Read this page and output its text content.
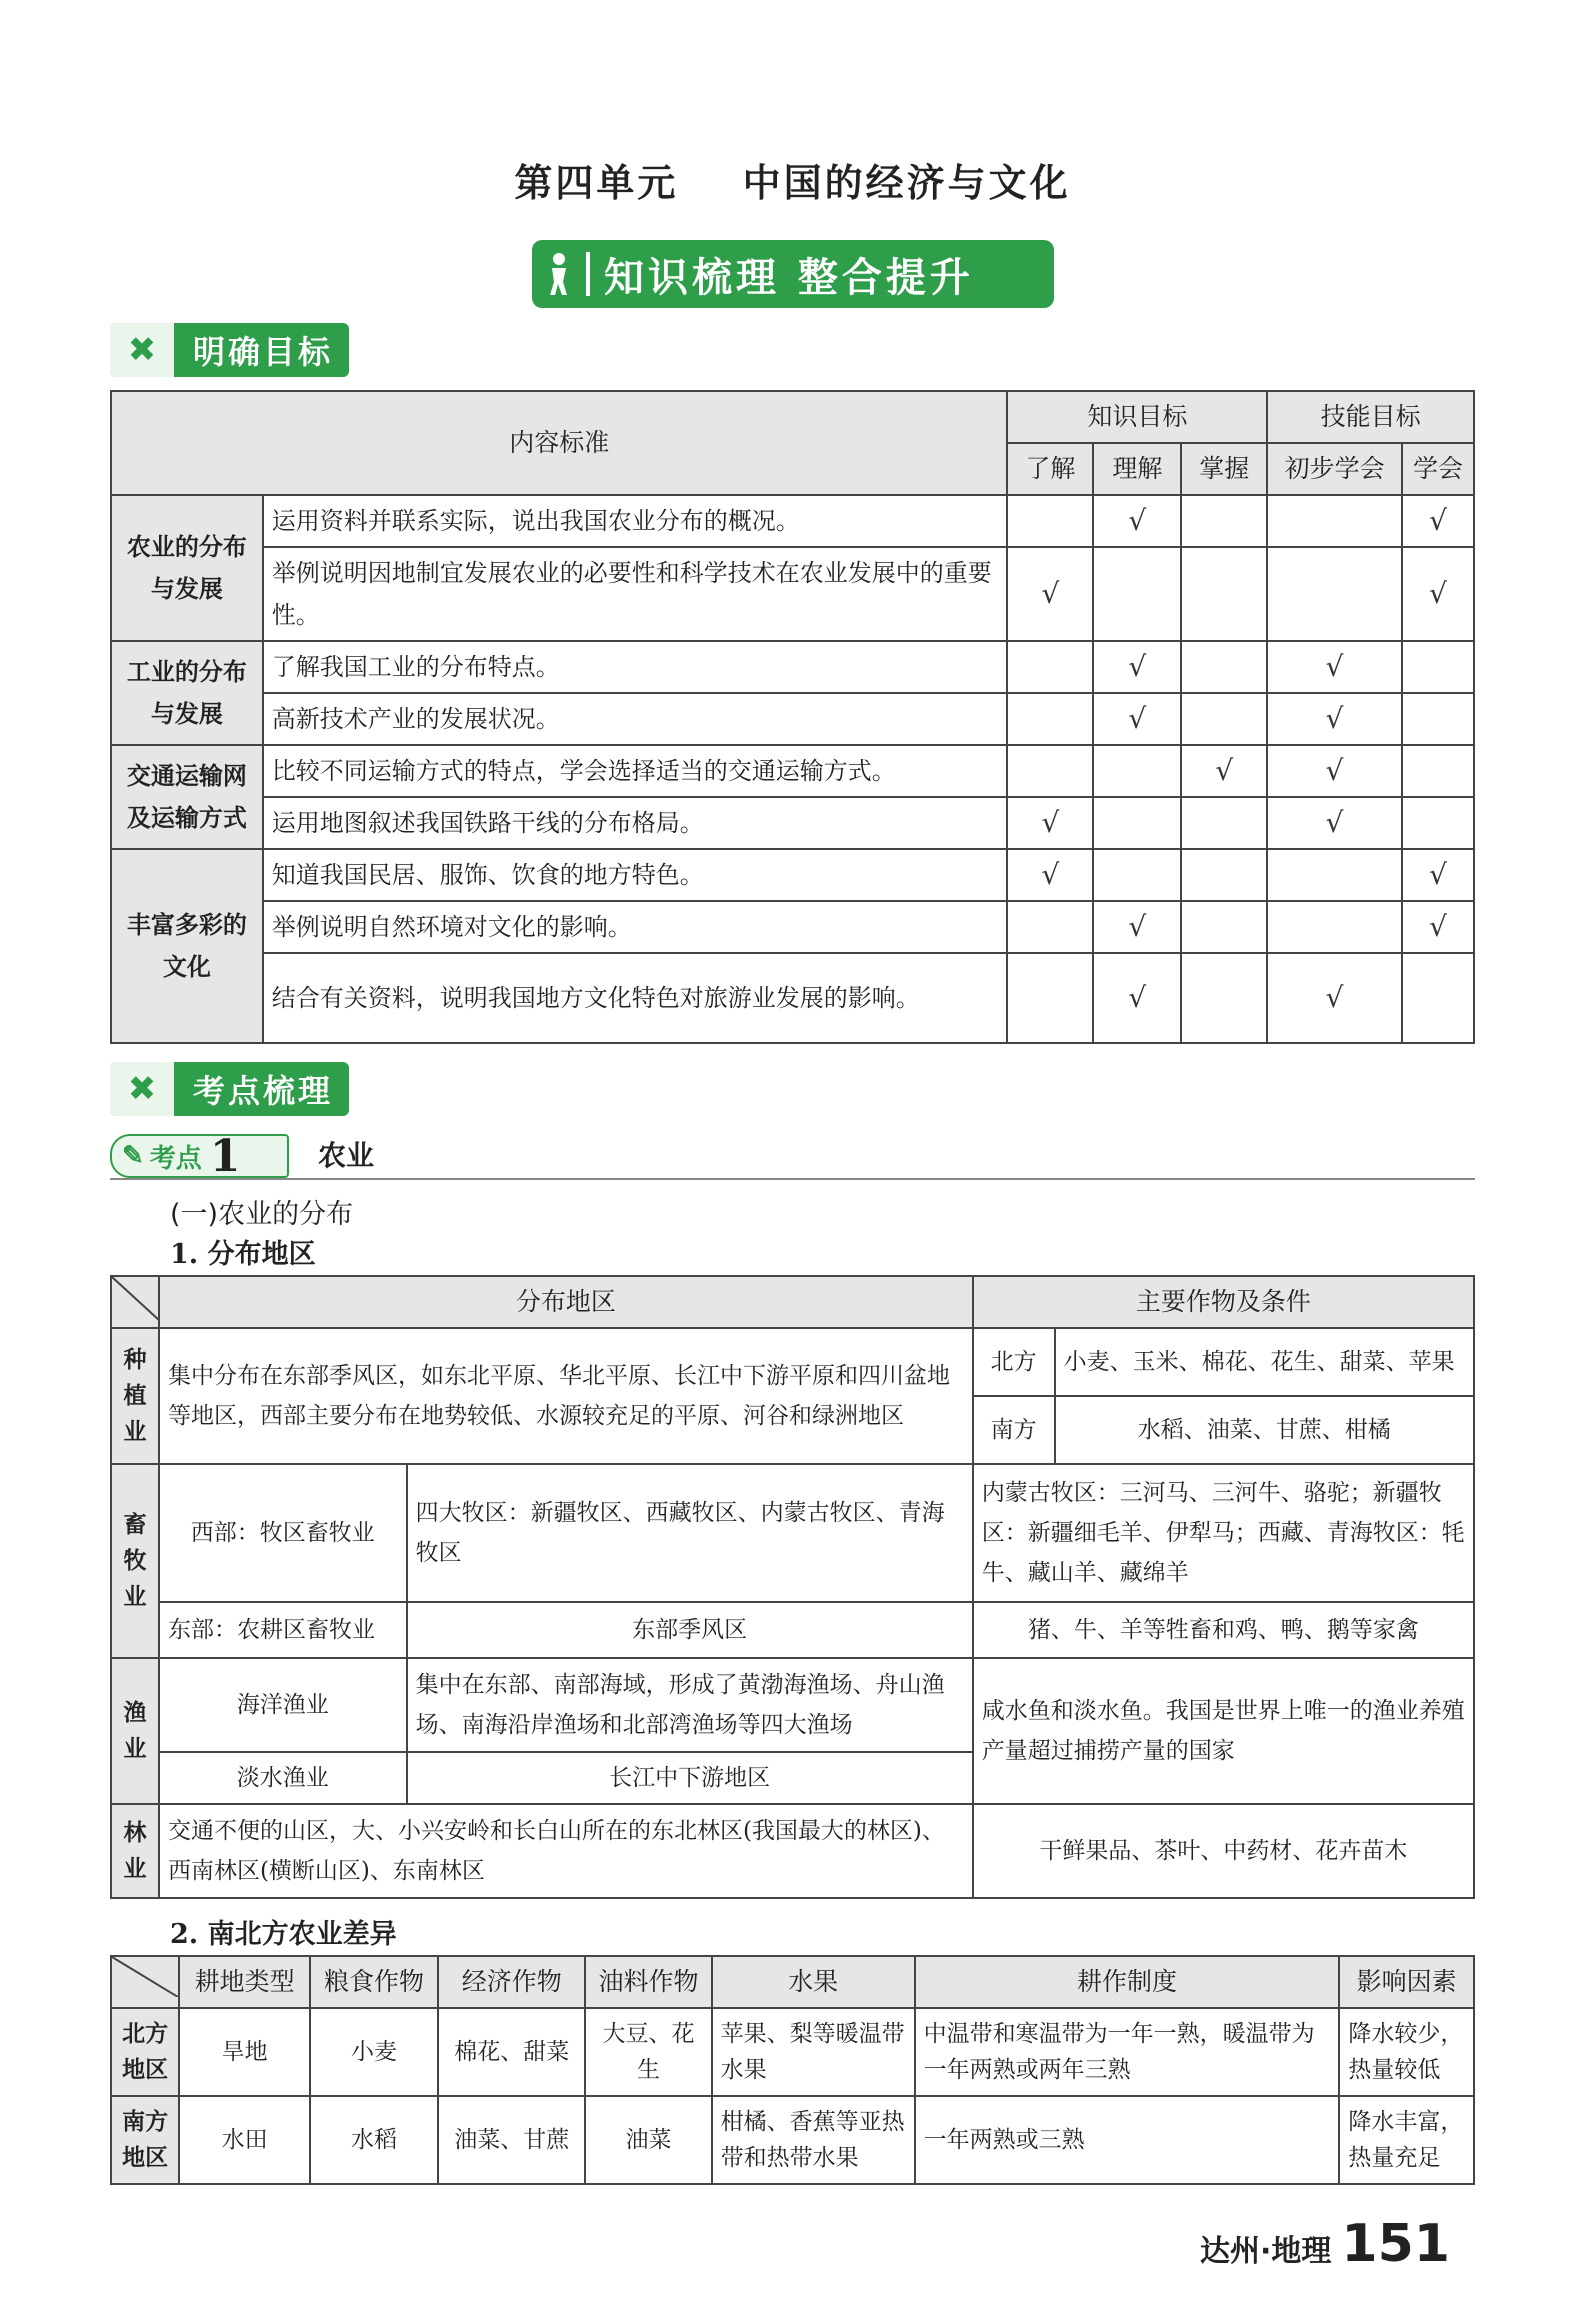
第四单元 中国的经济与文化
知识梳理 整合提升
✖	明确目标
内容标准		知识目标			技能目标	
		了解	理解	掌握	初步学会	学会
农业的分布与发展	运用资料并联系实际，说出我国农业分布的概况。		√			√
	举例说明因地制宜发展农业的必要性和科学技术在农业发展中的重要性。	√				√
工业的分布与发展	了解我国工业的分布特点。		√		√	
	高新技术产业的发展状况。		√		√	
交通运输网及运输方式	比较不同运输方式的特点，学会选择适当的交通运输方式。			√	√	
	运用地图叙述我国铁路干线的分布格局。	√			√	
丰富多彩的文化	知道我国民居、服饰、饮食的地方特色。	√				√
	举例说明自然环境对文化的影响。		√			√
	结合有关资料，说明我国地方文化特色对旅游业发展的影响。		√		√	
✖	考点梳理
✎ 考点 1	农业
(一)农业的分布
1. 分布地区
	分布地区		主要作物及条件	
种植业	集中分布在东部季风区，如东北平原、华北平原、长江中下游平原和四川盆地等地区，西部主要分布在地势较低、水源较充足的平原、河谷和绿洲地区		北方	小麦、玉米、棉花、花生、甜菜、苹果
			南方	水稻、油菜、甘蔗、柑橘
畜牧业	西部：牧区畜牧业	四大牧区：新疆牧区、西藏牧区、内蒙古牧区、青海牧区	内蒙古牧区：三河马、三河牛、骆驼；新疆牧区：新疆细毛羊、伊犁马；西藏、青海牧区：牦牛、藏山羊、藏绵羊	
	东部：农耕区畜牧业	东部季风区	猪、牛、羊等牲畜和鸡、鸭、鹅等家禽	
渔业	海洋渔业	集中在东部、南部海域，形成了黄渤海渔场、舟山渔场、南海沿岸渔场和北部湾渔场等四大渔场	咸水鱼和淡水鱼。我国是世界上唯一的渔业养殖产量超过捕捞产量的国家	
	淡水渔业	长江中下游地区		
林业	交通不便的山区，大、小兴安岭和长白山所在的东北林区(我国最大的林区)、西南林区(横断山区)、东南林区		干鲜果品、茶叶、中药材、花卉苗木	
2. 南北方农业差异
	耕地类型	粮食作物	经济作物	油料作物	水果	耕作制度	影响因素
北方地区	旱地	小麦	棉花、甜菜	大豆、花生	苹果、梨等暖温带水果	中温带和寒温带为一年一熟，暖温带为一年两熟或两年三熟	降水较少，热量较低
南方地区	水田	水稻	油菜、甘蔗	油菜	柑橘、香蕉等亚热带和热带水果	一年两熟或三熟	降水丰富，热量充足
达州·地理 151
